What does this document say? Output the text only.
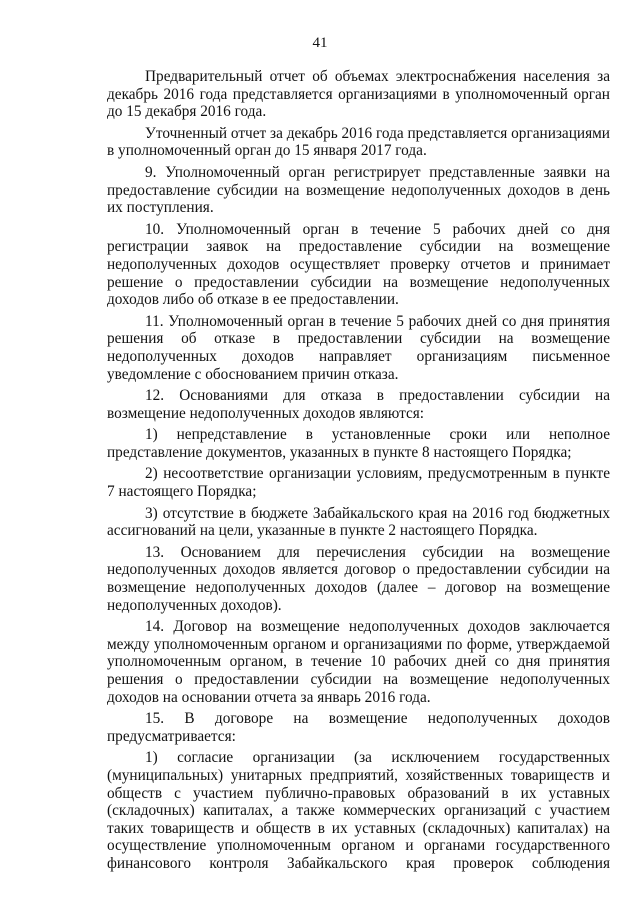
41

Предварительный отчет об объемах электроснабжения населения за декабрь 2016 года представляется организациями в уполномоченный орган до 15 декабря 2016 года.

Уточненный отчет за декабрь 2016 года представляется организациями в уполномоченный орган до 15 января 2017 года.

9. Уполномоченный орган регистрирует представленные заявки на предоставление субсидии на возмещение недополученных доходов в день их поступления.

10. Уполномоченный орган в течение 5 рабочих дней со дня регистрации заявок на предоставление субсидии на возмещение недополученных доходов осуществляет проверку отчетов и принимает решение о предоставлении субсидии на возмещение недополученных доходов либо об отказе в ее предоставлении.

11. Уполномоченный орган в течение 5 рабочих дней со дня принятия решения об отказе в предоставлении субсидии на возмещение недополученных доходов направляет организациям письменное уведомление с обоснованием причин отказа.

12. Основаниями для отказа в предоставлении субсидии на возмещение недополученных доходов являются:

1) непредставление в установленные сроки или неполное представление документов, указанных в пункте 8 настоящего Порядка;

2) несоответствие организации условиям, предусмотренным в пункте 7 настоящего Порядка;

3) отсутствие в бюджете Забайкальского края на 2016 год бюджетных ассигнований на цели, указанные в пункте 2 настоящего Порядка.

13. Основанием для перечисления субсидии на возмещение недополученных доходов является договор о предоставлении субсидии на возмещение недополученных доходов (далее – договор на возмещение недополученных доходов).

14. Договор на возмещение недополученных доходов заключается между уполномоченным органом и организациями по форме, утверждаемой уполномоченным органом, в течение 10 рабочих дней со дня принятия решения о предоставлении субсидии на возмещение недополученных доходов на основании отчета за январь 2016 года.

15. В договоре на возмещение недополученных доходов предусматривается:

1) согласие организации (за исключением государственных (муниципальных) унитарных предприятий, хозяйственных товариществ и обществ с участием публично-правовых образований в их уставных (складочных) капиталах, а также коммерческих организаций с участием таких товариществ и обществ в их уставных (складочных) капиталах) на осуществление уполномоченным органом и органами государственного финансового контроля Забайкальского края проверок соблюдения
